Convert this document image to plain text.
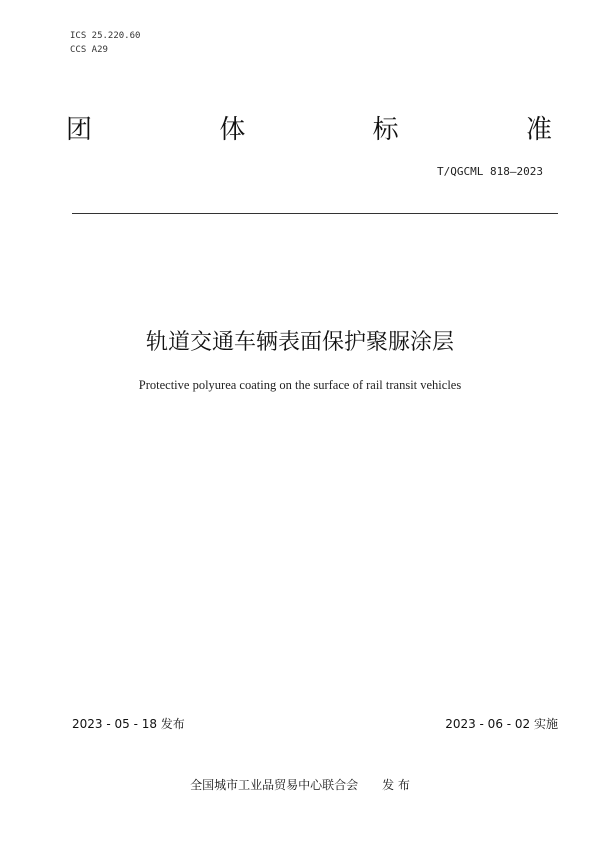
ICS 25.220.60
CCS A29
团	体	标	准
T/QGCML 818—2023
轨道交通车辆表面保护聚脲涂层
Protective polyurea coating on the surface of rail transit vehicles
2023 - 05 - 18 发布	2023 - 06 - 02 实施
全国城市工业品贸易中心联合会 发 布
